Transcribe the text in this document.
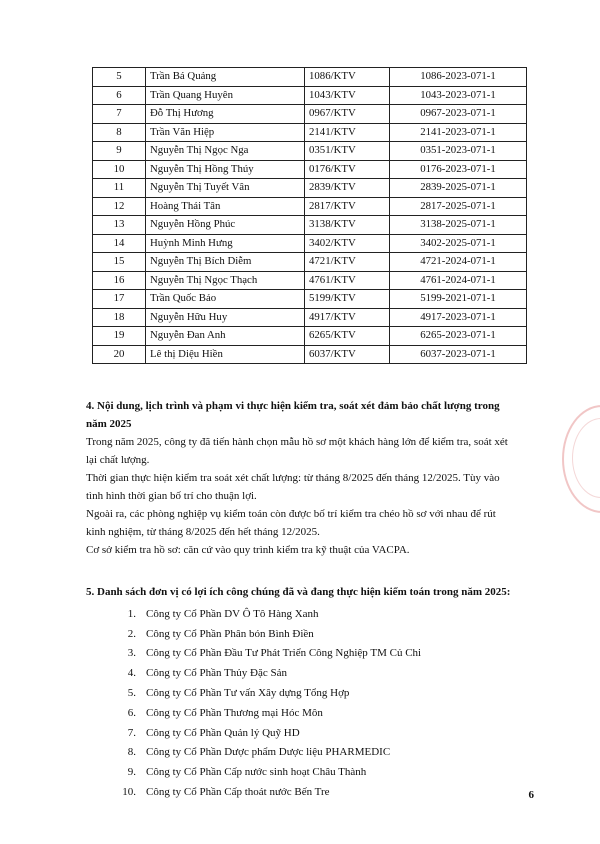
5	Trần Bá Quảng	1086/KTV	1086-2023-071-1
6	Trần Quang Huyên	1043/KTV	1043-2023-071-1
7	Đỗ Thị Hương	0967/KTV	0967-2023-071-1
8	Trần Văn Hiệp	2141/KTV	2141-2023-071-1
9	Nguyễn Thị Ngọc Nga	0351/KTV	0351-2023-071-1
10	Nguyễn Thị Hồng Thúy	0176/KTV	0176-2023-071-1
11	Nguyễn Thị Tuyết Vân	2839/KTV	2839-2025-071-1
12	Hoàng Thái Tân	2817/KTV	2817-2025-071-1
13	Nguyễn Hồng Phúc	3138/KTV	3138-2025-071-1
14	Huỳnh Minh Hưng	3402/KTV	3402-2025-071-1
15	Nguyễn Thị Bích Diễm	4721/KTV	4721-2024-071-1
16	Nguyễn Thị Ngọc Thạch	4761/KTV	4761-2024-071-1
17	Trần Quốc Bảo	5199/KTV	5199-2021-071-1
18	Nguyễn Hữu Huy	4917/KTV	4917-2023-071-1
19	Nguyễn Đan Anh	6265/KTV	6265-2023-071-1
20	Lê thị Diệu Hiền	6037/KTV	6037-2023-071-1

4. Nội dung, lịch trình và phạm vi thực hiện kiểm tra, soát xét đảm bảo chất lượng trong năm 2025

Trong năm 2025, công ty đã tiến hành chọn mẫu hồ sơ một khách hàng lớn để kiểm tra, soát xét lại chất lượng.

Thời gian thực hiện kiểm tra soát xét chất lượng: từ tháng 8/2025 đến tháng 12/2025. Tùy vào tình hình thời gian bố trí cho thuận lợi.

Ngoài ra, các phòng nghiệp vụ kiểm toán còn được bố trí kiểm tra chéo hồ sơ với nhau để rút kinh nghiệm, từ tháng 8/2025 đến hết tháng 12/2025.

Cơ sở kiểm tra hồ sơ: căn cứ vào quy trình kiểm tra kỹ thuật của VACPA.

5. Danh sách đơn vị có lợi ích công chúng đã và đang thực hiện kiểm toán trong năm 2025:

1. Công ty Cổ Phần DV Ô Tô Hàng Xanh
2. Công ty Cổ Phần Phân bón Bình Điền
3. Công ty Cổ Phần Đầu Tư Phát Triển Công Nghiệp TM Củ Chi
4. Công ty Cổ Phần Thủy Đặc Sản
5. Công ty Cổ Phần Tư vấn Xây dựng Tổng Hợp
6. Công ty Cổ Phần Thương mại Hóc Môn
7. Công ty Cổ Phần Quản lý Quỹ HD
8. Công ty Cổ Phần Dược phẩm Dược liệu PHARMEDIC
9. Công ty Cổ Phần Cấp nước sinh hoạt Châu Thành
10. Công ty Cổ Phần Cấp thoát nước Bến Tre	6
